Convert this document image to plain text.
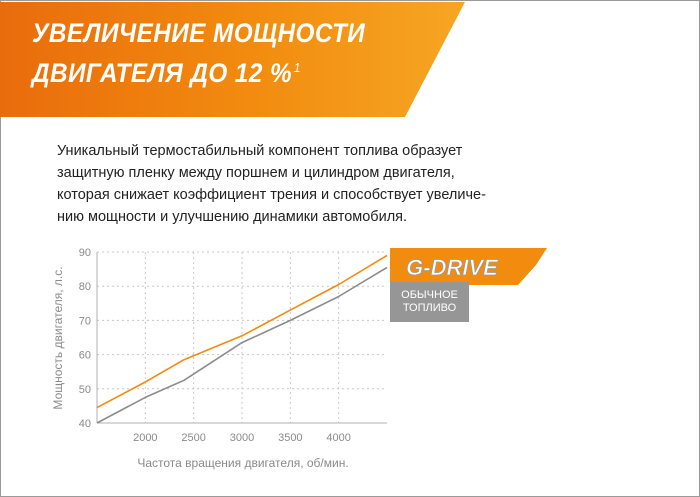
УВЕЛИЧЕНИЕ МОЩНОСТИ
ДВИГАТЕЛЯ ДО 12 % $^1$
Уникальный термостабильный компонент топлива образует
защитную пленку между поршнем и цилиндром двигателя,
которая снижает коэффициент трения и способствует увеличе-
нию мощности и улучшению динамики автомобиля.
40
50
60
70
80
90
2000 2500 3000 3500 4000
Частота вращения двигателя, об/мин.
Мощность двигателя, л.с.	G-DRIVE
ОБЫЧНОЕ
ТОПЛИВО
